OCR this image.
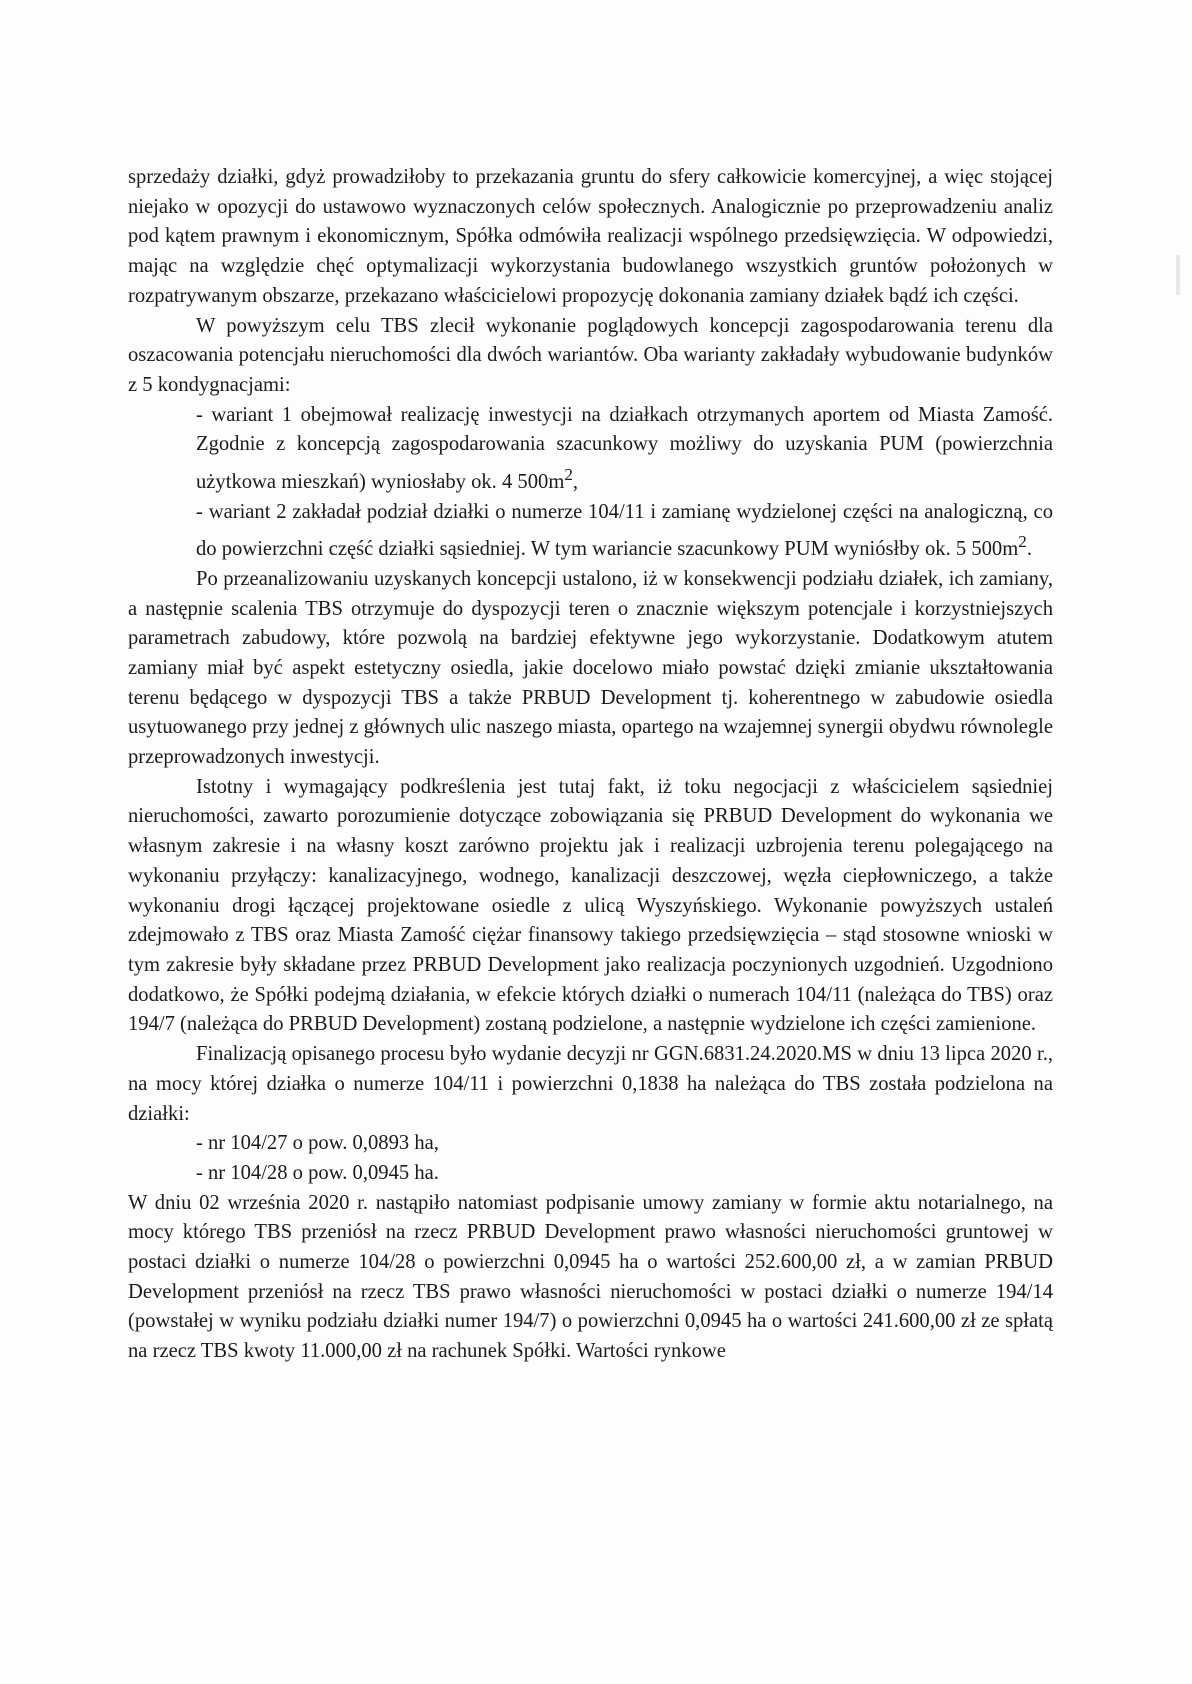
sprzedaży działki, gdyż prowadziłoby to przekazania gruntu do sfery całkowicie komercyjnej, a więc stojącej niejako w opozycji do ustawowo wyznaczonych celów społecznych. Analogicznie po przeprowadzeniu analiz pod kątem prawnym i ekonomicznym, Spółka odmówiła realizacji wspólnego przedsięwzięcia. W odpowiedzi, mając na względzie chęć optymalizacji wykorzystania budowlanego wszystkich gruntów położonych w rozpatrywanym obszarze, przekazano właścicielowi propozycję dokonania zamiany działek bądź ich części.

W powyższym celu TBS zlecił wykonanie poglądowych koncepcji zagospodarowania terenu dla oszacowania potencjału nieruchomości dla dwóch wariantów. Oba warianty zakładały wybudowanie budynków z 5 kondygnacjami:

- wariant 1 obejmował realizację inwestycji na działkach otrzymanych aportem od Miasta Zamość. Zgodnie z koncepcją zagospodarowania szacunkowy możliwy do uzyskania PUM (powierzchnia użytkowa mieszkań) wyniosłaby ok. 4 $500m^2$,

- wariant 2 zakładał podział działki o numerze 104/11 i zamianę wydzielonej części na analogiczną, co do powierzchni część działki sąsiedniej. W tym wariancie szacunkowy PUM wyniósłby ok. 5 $500m^2$.

Po przeanalizowaniu uzyskanych koncepcji ustalono, iż w konsekwencji podziału działek, ich zamiany, a następnie scalenia TBS otrzymuje do dyspozycji teren o znacznie większym potencjale i korzystniejszych parametrach zabudowy, które pozwolą na bardziej efektywne jego wykorzystanie. Dodatkowym atutem zamiany miał być aspekt estetyczny osiedla, jakie docelowo miało powstać dzięki zmianie ukształtowania terenu będącego w dyspozycji TBS a także PRBUD Development tj. koherentnego w zabudowie osiedla usytuowanego przy jednej z głównych ulic naszego miasta, opartego na wzajemnej synergii obydwu równolegle przeprowadzonych inwestycji.

Istotny i wymagający podkreślenia jest tutaj fakt, iż toku negocjacji z właścicielem sąsiedniej nieruchomości, zawarto porozumienie dotyczące zobowiązania się PRBUD Development do wykonania we własnym zakresie i na własny koszt zarówno projektu jak i realizacji uzbrojenia terenu polegającego na wykonaniu przyłączy: kanalizacyjnego, wodnego, kanalizacji deszczowej, węzła ciepłowniczego, a także wykonaniu drogi łączącej projektowane osiedle z ulicą Wyszyńskiego. Wykonanie powyższych ustaleń zdejmowało z TBS oraz Miasta Zamość ciężar finansowy takiego przedsięwzięcia – stąd stosowne wnioski w tym zakresie były składane przez PRBUD Development jako realizacja poczynionych uzgodnień. Uzgodniono dodatkowo, że Spółki podejmą działania, w efekcie których działki o numerach 104/11 (należąca do TBS) oraz 194/7 (należąca do PRBUD Development) zostaną podzielone, a następnie wydzielone ich części zamienione.

Finalizacją opisanego procesu było wydanie decyzji nr GGN.6831.24.2020.MS w dniu 13 lipca 2020 r., na mocy której działka o numerze 104/11 i powierzchni 0,1838 ha należąca do TBS została podzielona na działki:

- nr 104/27 o pow. 0,0893 ha,

- nr 104/28 o pow. 0,0945 ha.

W dniu 02 września 2020 r. nastąpiło natomiast podpisanie umowy zamiany w formie aktu notarialnego, na mocy którego TBS przeniósł na rzecz PRBUD Development prawo własności nieruchomości gruntowej w postaci działki o numerze 104/28 o powierzchni 0,0945 ha o wartości 252.600,00 zł, a w zamian PRBUD Development przeniósł na rzecz TBS prawo własności nieruchomości w postaci działki o numerze 194/14 (powstałej w wyniku podziału działki numer 194/7) o powierzchni 0,0945 ha o wartości 241.600,00 zł ze spłatą na rzecz TBS kwoty 11.000,00 zł na rachunek Spółki. Wartości rynkowe
